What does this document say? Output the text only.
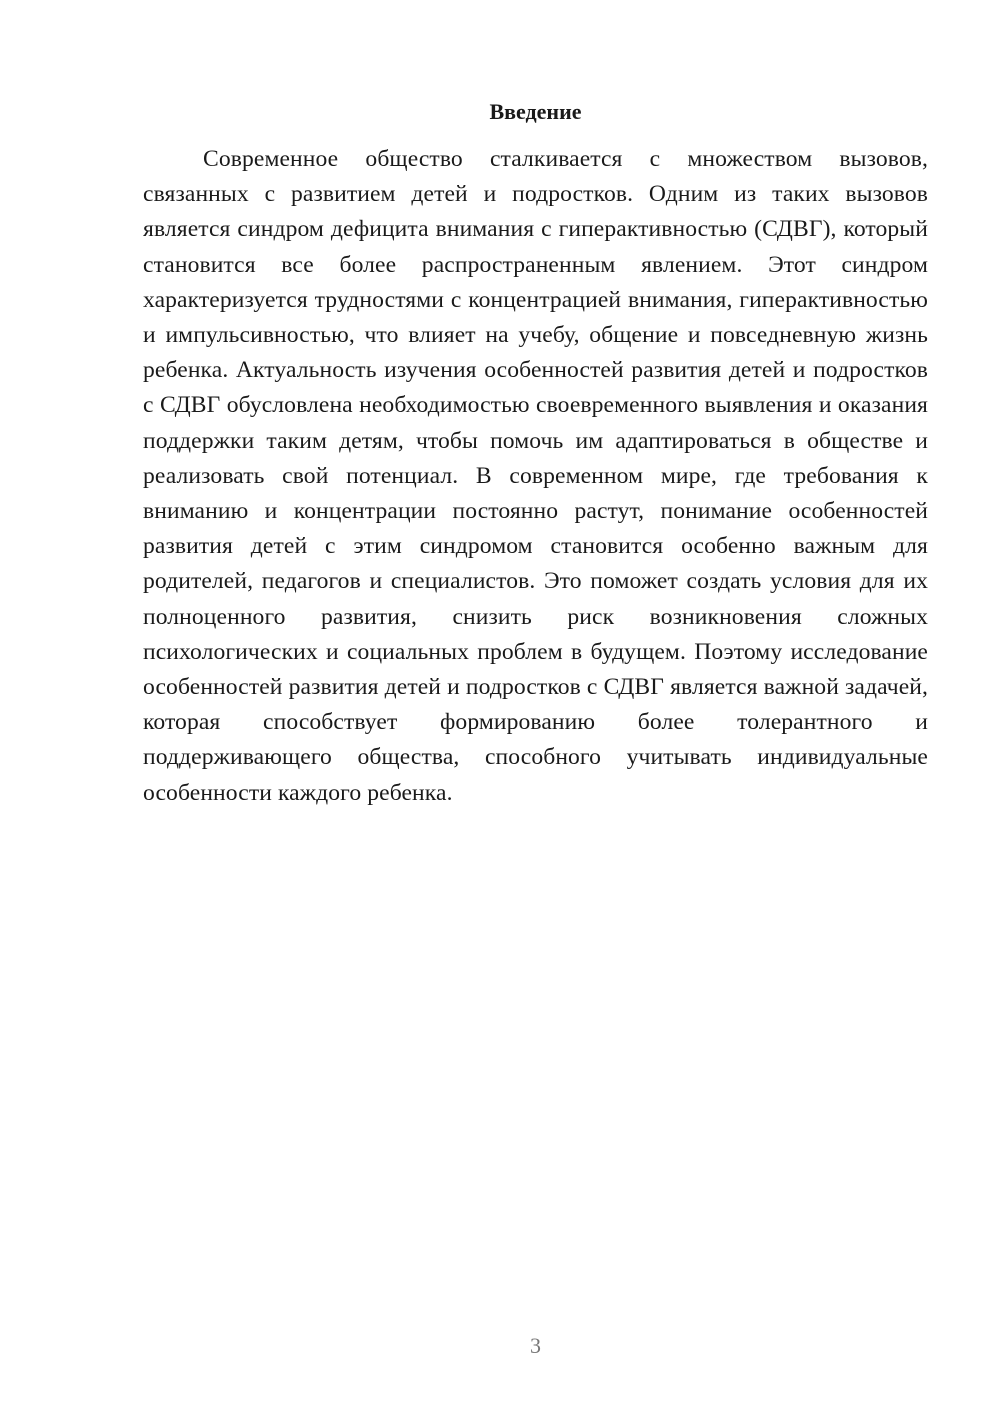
Введение

Современное общество сталкивается с множеством вызовов, связанных с развитием детей и подростков. Одним из таких вызовов является синдром дефицита внимания с гиперактивностью (СДВГ), который становится все более распространенным явлением. Этот синдром характеризуется трудностями с концентрацией внимания, гиперактивностью и импульсивностью, что влияет на учебу, общение и повседневную жизнь ребенка. Актуальность изучения особенностей развития детей и подростков с СДВГ обусловлена необходимостью своевременного выявления и оказания поддержки таким детям, чтобы помочь им адаптироваться в обществе и реализовать свой потенциал. В современном мире, где требования к вниманию и концентрации постоянно растут, понимание особенностей развития детей с этим синдромом становится особенно важным для родителей, педагогов и специалистов. Это поможет создать условия для их полноценного развития, снизить риск возникновения сложных психологических и социальных проблем в будущем. Поэтому исследование особенностей развития детей и подростков с СДВГ является важной задачей, которая способствует формированию более толерантного и поддерживающего общества, способного учитывать индивидуальные особенности каждого ребенка.

3
